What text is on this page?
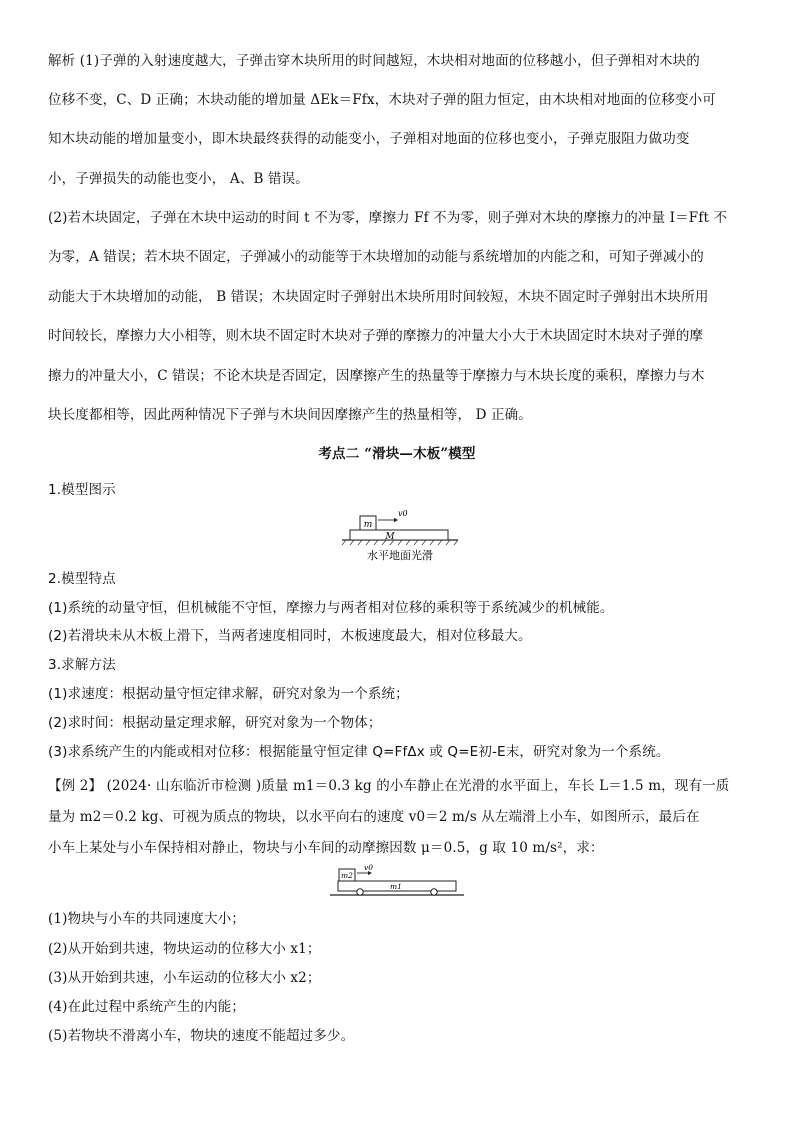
解析 (1)子弹的入射速度越大，子弹击穿木块所用的时间越短，木块相对地面的位移越小，但子弹相对木块的
位移不变，C、D 正确；木块动能的增加量 ΔEk＝Ffx，木块对子弹的阻力恒定，由木块相对地面的位移变小可
知木块动能的增加量变小，即木块最终获得的动能变小，子弹相对地面的位移也变小，子弹克服阻力做功变
小，子弹损失的动能也变小， A、B 错误。
(2)若木块固定，子弹在木块中运动的时间 t 不为零，摩擦力 Ff 不为零，则子弹对木块的摩擦力的冲量 I＝Fft 不
为零，A 错误；若木块不固定，子弹减小的动能等于木块增加的动能与系统增加的内能之和，可知子弹减小的
动能大于木块增加的动能， B 错误；木块固定时子弹射出木块所用时间较短，木块不固定时子弹射出木块所用
时间较长，摩擦力大小相等，则木块不固定时木块对子弹的摩擦力的冲量大小大于木块固定时木块对子弹的摩
擦力的冲量大小，C 错误；不论木块是否固定，因摩擦产生的热量等于摩擦力与木块长度的乘积，摩擦力与木
块长度都相等，因此两种情况下子弹与木块间因摩擦产生的热量相等， D 正确。
考点二 “滑块—木板”模型
1.模型图示
m
M
v0
水平地面光滑
2.模型特点
(1)系统的动量守恒，但机械能不守恒，摩擦力与两者相对位移的乘积等于系统减少的机械能。
(2)若滑块未从木板上滑下，当两者速度相同时，木板速度最大，相对位移最大。
3.求解方法
(1)求速度：根据动量守恒定律求解，研究对象为一个系统；
(2)求时间：根据动量定理求解，研究对象为一个物体；
(3)求系统产生的内能或相对位移：根据能量守恒定律 Q=FfΔx 或 Q=E初-E末，研究对象为一个系统。
【例 2】 (2024· 山东临沂市检测 )质量 m1＝0.3 kg 的小车静止在光滑的水平面上，车长 L＝1.5 m，现有一质
量为 m2＝0.2 kg、可视为质点的物块，以水平向右的速度 v0＝2 m/s 从左端滑上小车，如图所示，最后在
小车上某处与小车保持相对静止，物块与小车间的动摩擦因数 μ＝0.5，g 取 10 m/s²，求：
m2
m1
v0
(1)物块与小车的共同速度大小；
(2)从开始到共速，物块运动的位移大小 x1；
(3)从开始到共速，小车运动的位移大小 x2；
(4)在此过程中系统产生的内能；
(5)若物块不滑离小车，物块的速度不能超过多少。
